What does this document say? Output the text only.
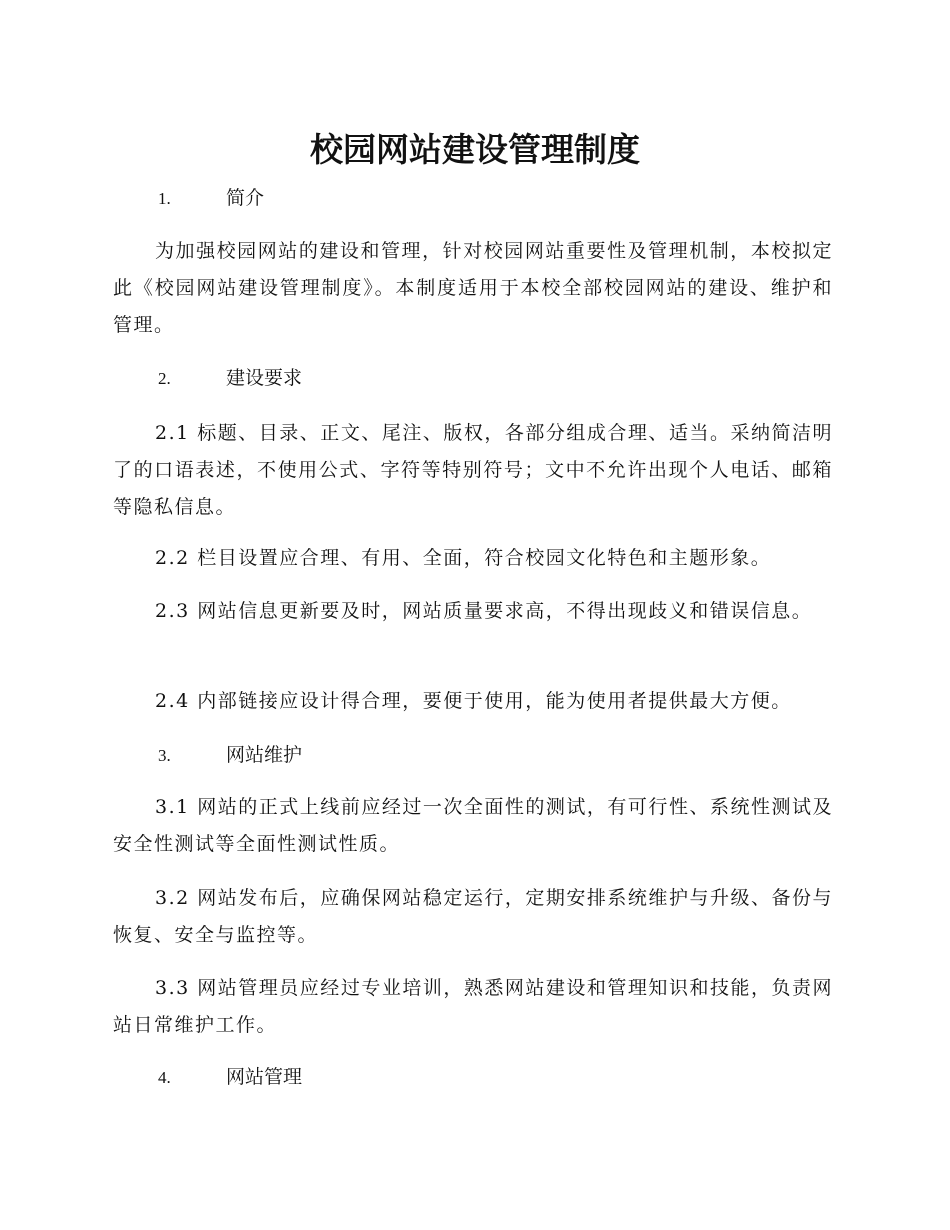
校园网站建设管理制度
1.	简介

为加强校园网站的建设和管理，针对校园网站重要性及管理机制，本校拟定此《校园网站建设管理制度》。本制度适用于本校全部校园网站的建设、维护和管理。

2.	建设要求

2.1 标题、目录、正文、尾注、版权，各部分组成合理、适当。采纳简洁明了的口语表述，不使用公式、字符等特别符号；文中不允许出现个人电话、邮箱等隐私信息。

2.2 栏目设置应合理、有用、全面，符合校园文化特色和主题形象。

2.3 网站信息更新要及时，网站质量要求高，不得出现歧义和错误信息。

2.4 内部链接应设计得合理，要便于使用，能为使用者提供最大方便。

3.	网站维护

3.1 网站的正式上线前应经过一次全面性的测试，有可行性、系统性测试及安全性测试等全面性测试性质。

3.2 网站发布后，应确保网站稳定运行，定期安排系统维护与升级、备份与恢复、安全与监控等。

3.3 网站管理员应经过专业培训，熟悉网站建设和管理知识和技能，负责网站日常维护工作。

4.	网站管理
